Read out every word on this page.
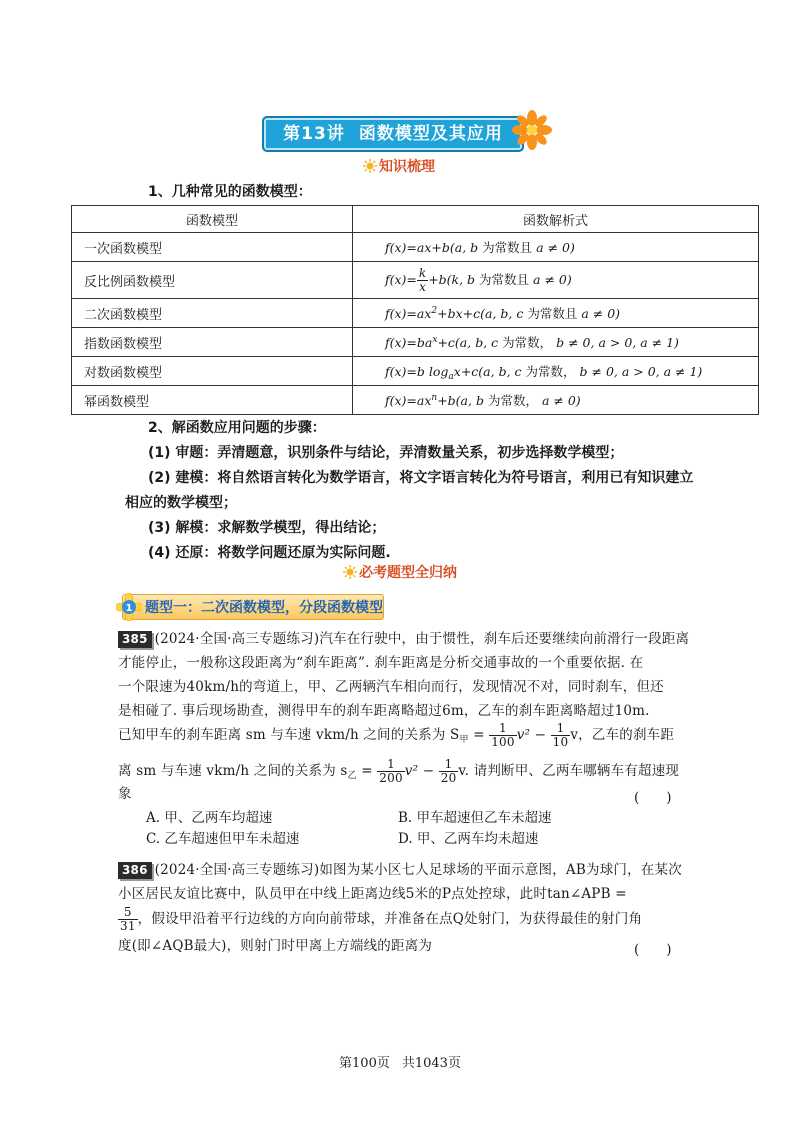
第13讲 函数模型及其应用
知识梳理
1、几种常见的函数模型：
函数模型	函数解析式
一次函数模型	f(x)=ax+b(a, b 为常数且 a ≠ 0)
反比例函数模型	$f(x)= \frac{k}{x} +b(k$, b 为常数且 a ≠ 0)
二次函数模型	$f(x)=ax^2+bx+c(a$, b, c 为常数且 a ≠ 0)
指数函数模型	$f(x)=ba^x+c(a$, b, c 为常数， b ≠ 0, a > 0, a ≠ 1)
对数函数模型	f(x)=b $\log_ax+c(a$, b, c 为常数， b ≠ 0, a > 0, a ≠ 1)
幂函数模型	$f(x)=ax^n+b(a$, b 为常数， a ≠ 0)
2、解函数应用问题的步骤：
(1) 审题：弄清题意，识别条件与结论，弄清数量关系，初步选择数学模型；
(2) 建模：将自然语言转化为数学语言，将文字语言转化为符号语言，利用已有知识建立
相应的数学模型；
(3) 解模：求解数学模型，得出结论；
(4) 还原：将数学问题还原为实际问题.
必考题型全归纳
题型一：二次函数模型，分段函数模型
1
385 (2024·全国·高三专题练习)汽车在行驶中，由于惯性，刹车后还要继续向前滑行一段距离
才能停止，一般称这段距离为“刹车距离”. 刹车距离是分析交通事故的一个重要依据. 在
一个限速为40km/h的弯道上，甲、乙两辆汽车相向而行，发现情况不对，同时刹车，但还
是相碰了. 事后现场勘查，测得甲车的刹车距离略超过6m，乙车的刹车距离略超过10m.
已知甲车的刹车距离 sm 与车速 vkm/h 之间的关系为 $S_甲 = \frac{1}{100} v^2 - \frac{1}{10}$ v，乙车的刹车距
离 sm 与车速 vkm/h 之间的关系为 $s_乙 = \frac{1}{200} v^2 - \frac{1}{20} v$. 请判断甲、乙两车哪辆车有超速现
象	(　　)
A. 甲、乙两车均超速	B. 甲车超速但乙车未超速
C. 乙车超速但甲车未超速	D. 甲、乙两车均未超速
386 (2024·全国·高三专题练习)如图为某小区七人足球场的平面示意图，AB为球门，在某次
小区居民友谊比赛中，队员甲在中线上距离边线5米的P点处控球，此时tan∠APB =
$\frac{5}{31}$ ，假设甲沿着平行边线的方向向前带球，并准备在点Q处射门，为获得最佳的射门角
度(即∠AQB最大)，则射门时甲离上方端线的距离为	(　　)
第100页 共1043页
